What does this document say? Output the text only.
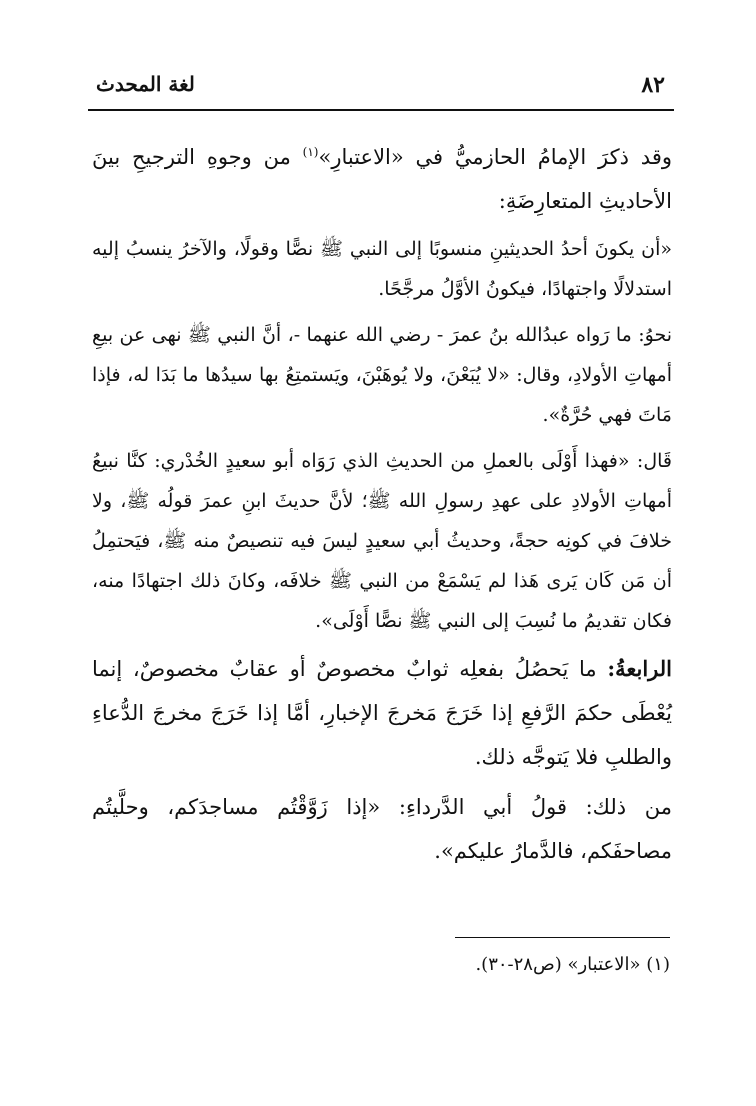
٨٢
لغة المحدث

وقد ذكرَ الإمامُ الحازميُّ في «الاعتبارِ»$^{(١)}$ من وجوهِ الترجيحِ بينَ الأحاديثِ المتعارِضَةِ:

«أن يكونَ أحدُ الحديثينِ منسوبًا إلى النبي ﷺ نصًّا وقولًا، والآخرُ ينسبُ إليه استدلالًا واجتهادًا، فيكونُ الأوَّلُ مرجَّحًا.

نحوُ: ما رَواه عبدُالله بنُ عمرَ - رضي الله عنهما -، أنَّ النبي ﷺ نهى عن بيعِ أمهاتِ الأولادِ، وقال: «لا يُبَعْنَ، ولا يُوهَبْنَ، ويَستمتِعُ بها سيدُها ما بَدَا له، فإذا مَاتَ فهي حُرَّةٌ».

قَال: «فهذا أَوْلَى بالعملِ من الحديثِ الذي رَوَاه أبو سعيدٍ الخُدْري: كنَّا نبيعُ أمهاتِ الأولادِ على عهدِ رسولِ الله ﷺ؛ لأنَّ حديثَ ابنِ عمرَ قولُه ﷺ، ولا خلافَ في كونِه حجةً، وحديثُ أبي سعيدٍ ليسَ فيه تنصيصٌ منه ﷺ، فيَحتمِلُ أن مَن كَان يَرى هَذا لم يَسْمَعْ من النبي ﷺ خلافَه، وكانَ ذلك اجتهادًا منه، فكان تقديمُ ما نُسِبَ إلى النبي ﷺ نصًّا أَوْلَى».

الرابعةُ: ما يَحصُلُ بفعلِه ثوابٌ مخصوصٌ أو عقابٌ مخصوصٌ، إنما يُعْطَى حكمَ الرَّفعِ إذا خَرَجَ مَخرجَ الإخبارِ، أمَّا إذا خَرَجَ مخرجَ الدُّعاءِ والطلبِ فلا يَتوجَّه ذلك.

من ذلك: قولُ أبي الدَّرداءِ: «إذا زَوَّقْتُم مساجدَكم، وحلَّيتُم مصاحفَكم، فالدَّمارُ عليكم».

(١) «الاعتبار» (ص٢٨-٣٠).
